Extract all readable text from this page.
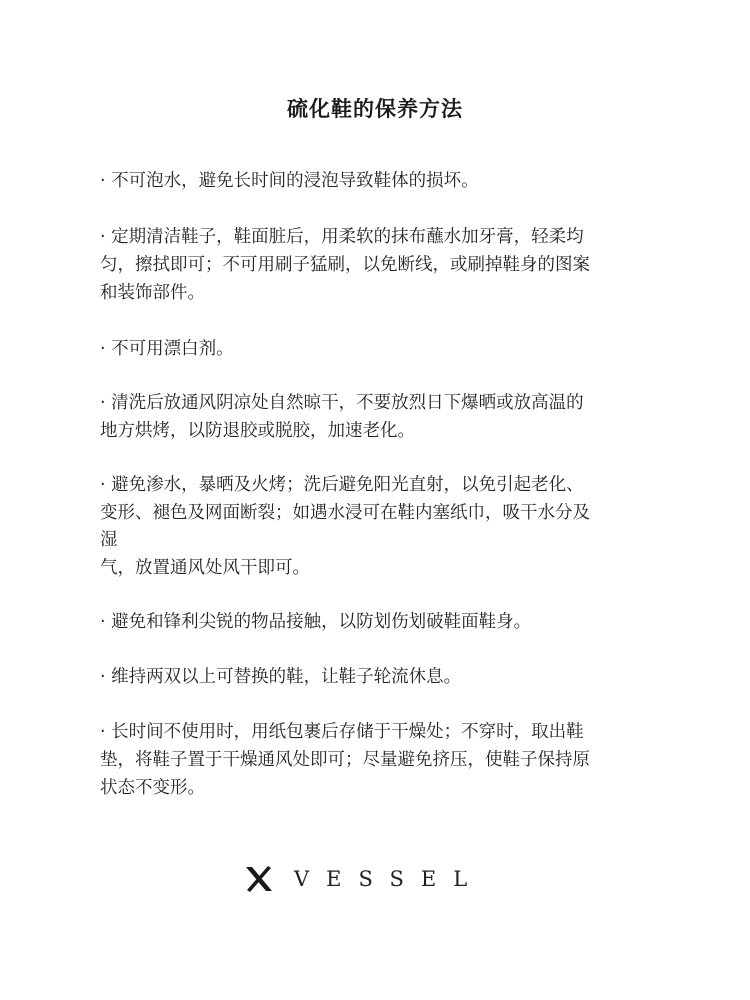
硫化鞋的保养方法
· 不可泡水，避免长时间的浸泡导致鞋体的损坏。
· 定期清洁鞋子，鞋面脏后，用柔软的抹布蘸水加牙膏，轻柔均
匀，擦拭即可；不可用刷子猛刷，以免断线，或刷掉鞋身的图案
和装饰部件。
· 不可用漂白剂。
· 清洗后放通风阴凉处自然晾干，不要放烈日下爆晒或放高温的
地方烘烤，以防退胶或脱胶，加速老化。
· 避免渗水，暴晒及火烤；洗后避免阳光直射，以免引起老化、
变形、褪色及网面断裂；如遇水浸可在鞋内塞纸巾，吸干水分及
湿
气，放置通风处风干即可。
· 避免和锋利尖锐的物品接触，以防划伤划破鞋面鞋身。
· 维持两双以上可替换的鞋，让鞋子轮流休息。
· 长时间不使用时，用纸包裹后存储于干燥处；不穿时，取出鞋
垫，将鞋子置于干燥通风处即可；尽量避免挤压，使鞋子保持原
状态不变形。
VESSEL
